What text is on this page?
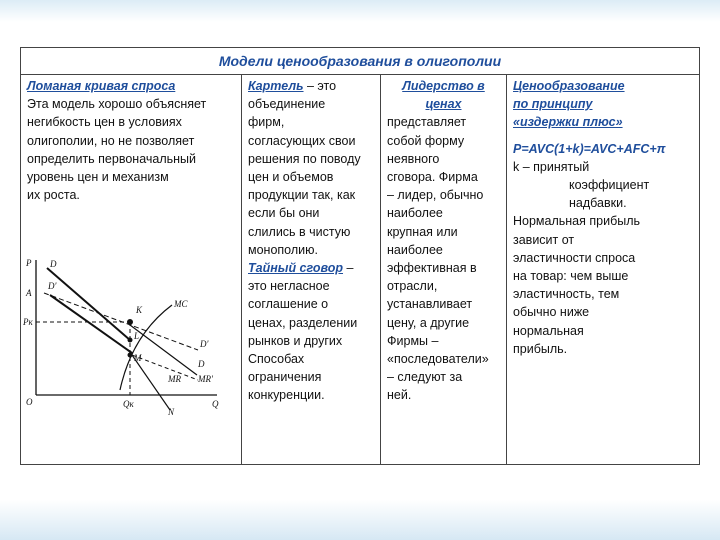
Модели ценообразования в олигополии
Ломаная кривая спроса
Эта модель хорошо объясняет
негибкость цен в условиях
олигополии, но не позволяет
определить первоначальный
уровень цен и механизм
их роста.
Картель – это
объединение
фирм,
согласующих свои
решения по поводу
цен и объемов
продукции так, как
если бы они
слились в чистую
монополию.
Тайный сговор –
это негласное
соглашение о
ценах, разделении
рынков и других
Способах
ограничения
конкуренции.
Лидерство в
ценах
представляет
собой форму
неявного
сговора. Фирма
– лидер, обычно
наиболее
крупная или
наиболее
эффективная в
отрасли,
устанавливает
цену, а другие
Фирмы –
«последователи»
– следуют за
ней.
Ценообразование
по принципу
«издержки плюс»
P=AVC(1+k)=AVC+AFC+π
k – принятый
коэффициент
надбавки.
Нормальная прибыль
зависит от
эластичности спроса
на товар: чем выше
эластичность, тем
обычно ниже
нормальная
прибыль.
P D
D'
A
Pк
K
MC
L
D'
M
D
MR MR'
O	Qк	Q
N
